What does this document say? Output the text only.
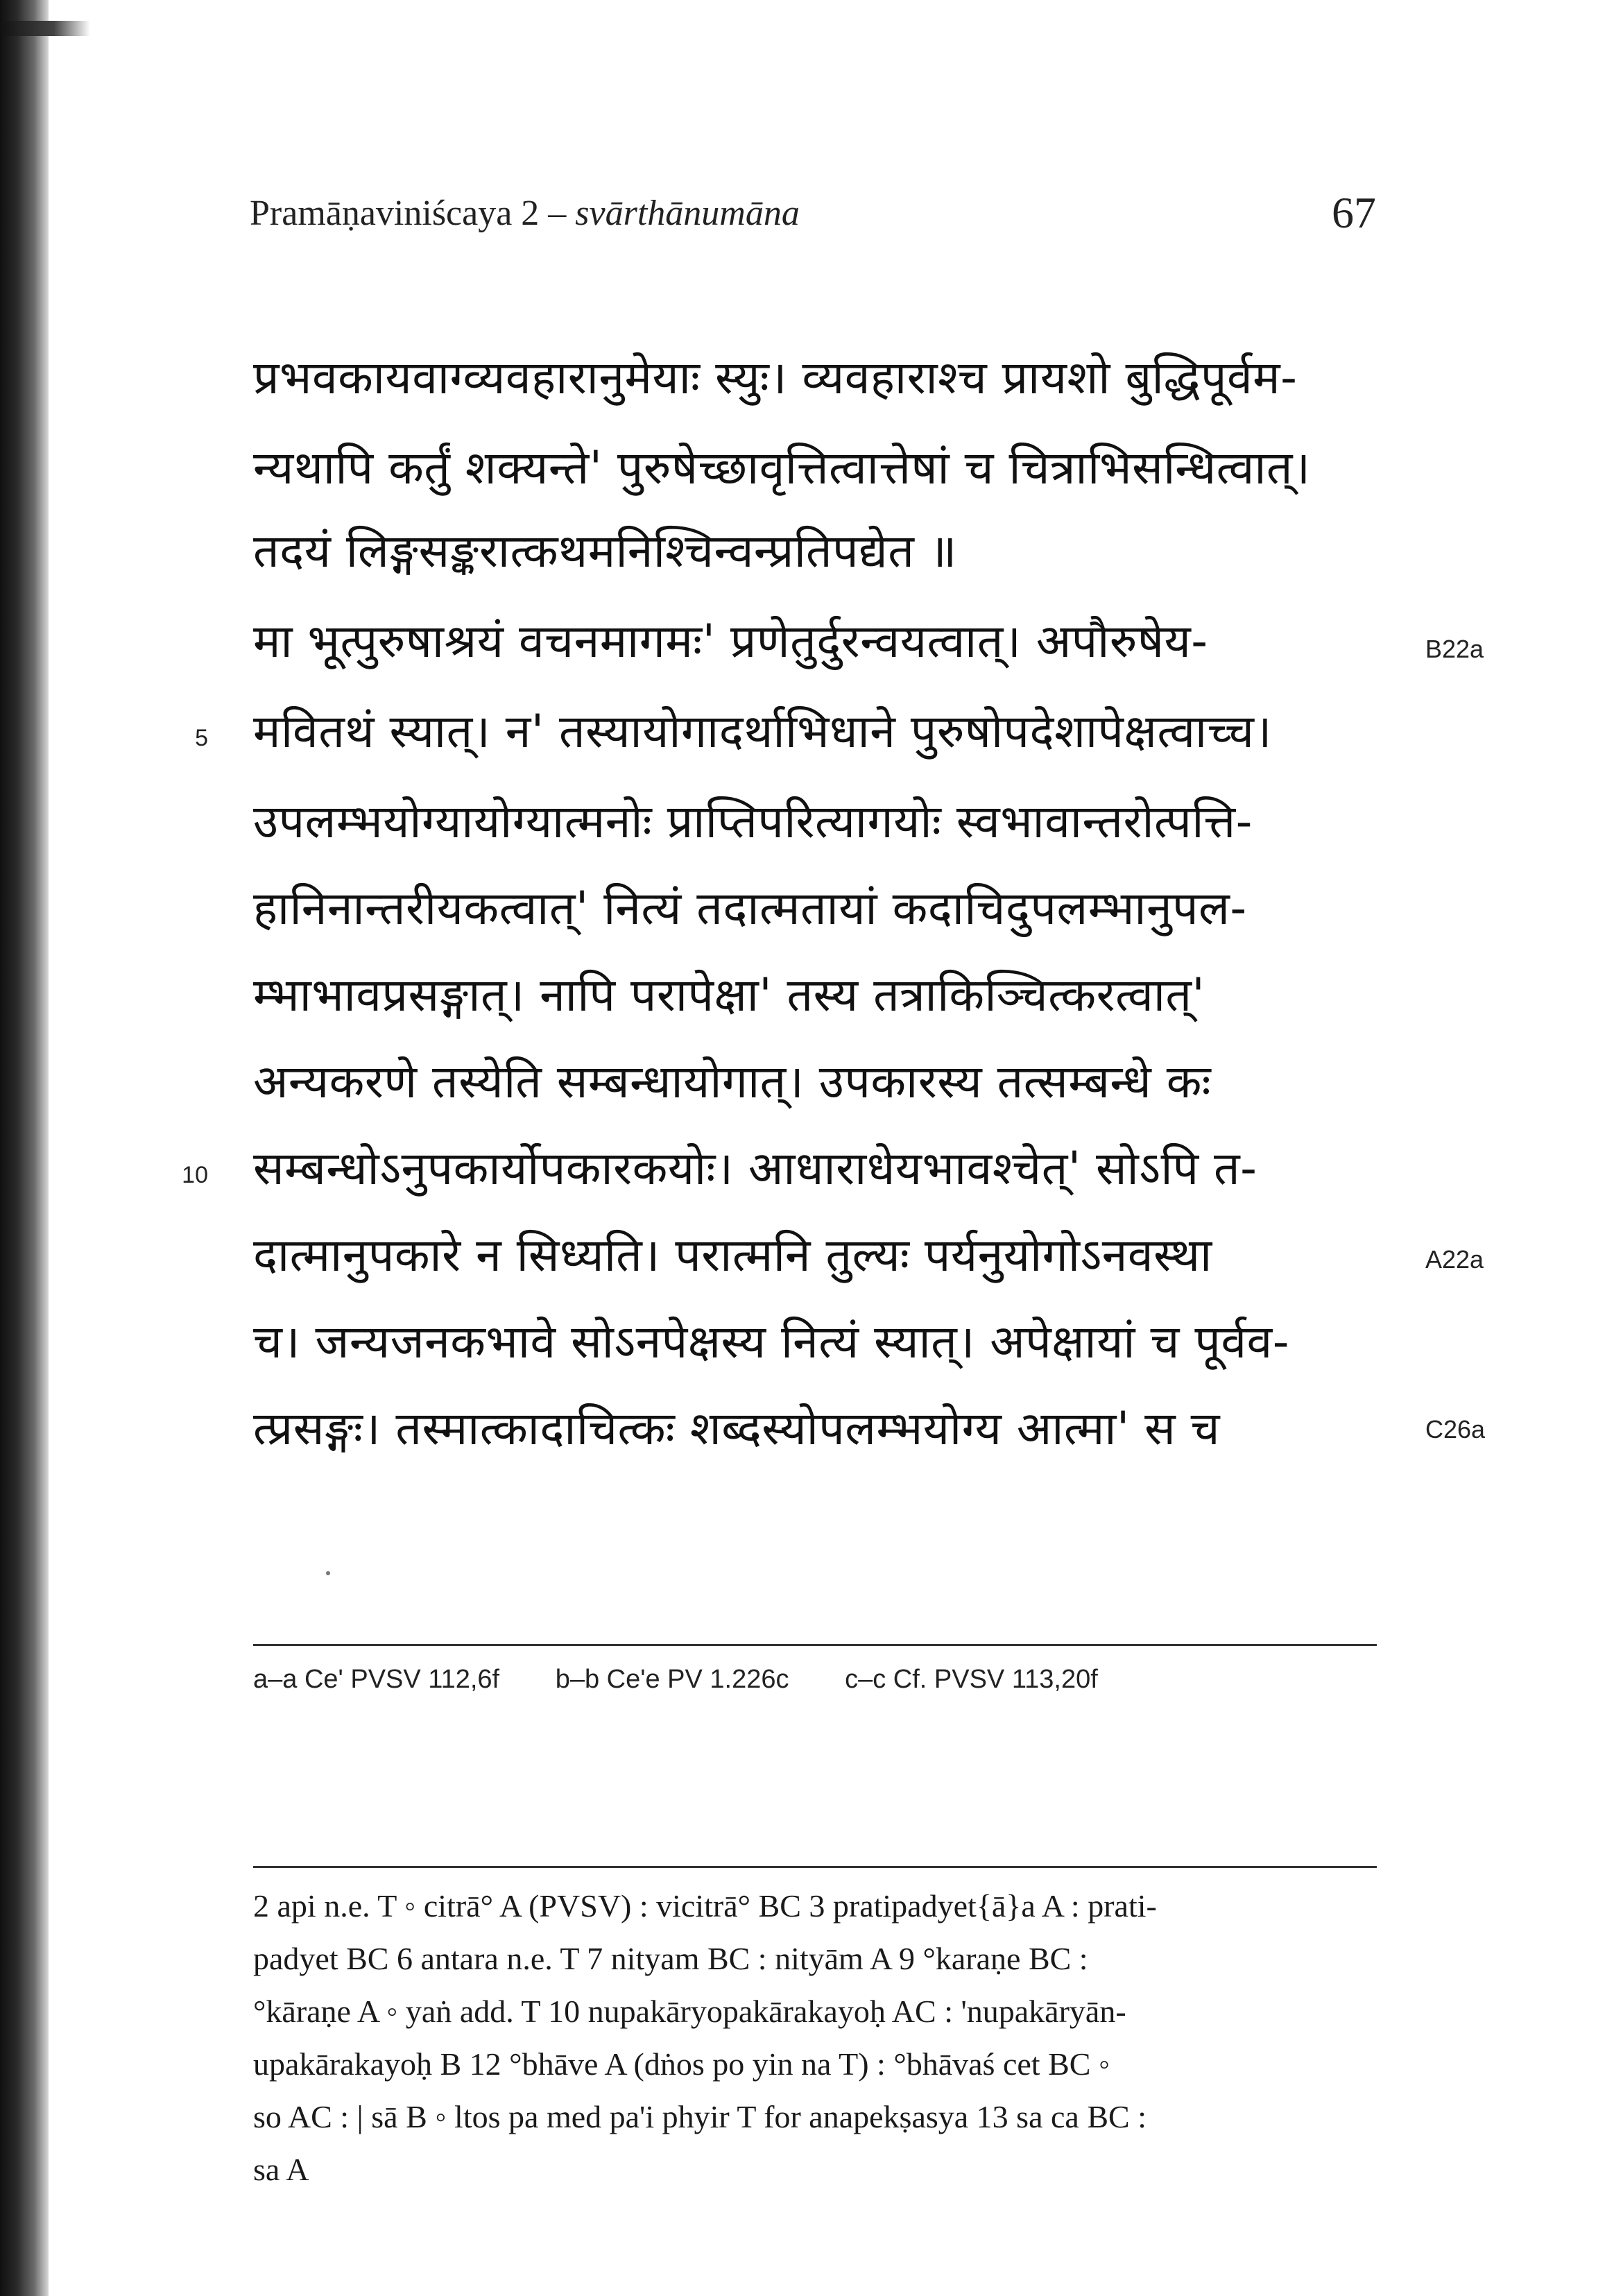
Pramāṇaviniścaya 2 – svārthānumāna	67
प्रभवकायवाग्व्यवहारानुमेयाः स्युः। व्यवहाराश्च प्रायशो बुद्धिपूर्वम-
न्यथापि कर्तुं शक्यन्ते' पुरुषेच्छावृत्तित्वात्तेषां च चित्राभिसन्धित्वात्।
तदयं लिङ्गसङ्करात्कथमनिश्चिन्वन्प्रतिपद्येत ॥
मा भूत्पुरुषाश्रयं वचनमागमः' प्रणेतुर्दुरन्वयत्वात्। अपौरुषेय-
मवितथं स्यात्। न' तस्यायोगादर्थाभिधाने पुरुषोपदेशापेक्षत्वाच्च।
उपलम्भयोग्यायोग्यात्मनोः प्राप्तिपरित्यागयोः स्वभावान्तरोत्पत्ति-
हानिनान्तरीयकत्वात्' नित्यं तदात्मतायां कदाचिदुपलम्भानुपल-
म्भाभावप्रसङ्गात्। नापि परापेक्षा' तस्य तत्राकिञ्चित्करत्वात्'
अन्यकरणे तस्येति सम्बन्धायोगात्। उपकारस्य तत्सम्बन्धे कः
सम्बन्धोऽनुपकार्योपकारकयोः। आधाराधेयभावश्चेत्' सोऽपि त-
दात्मानुपकारे न सिध्यति। परात्मनि तुल्यः पर्यनुयोगोऽनवस्था
च। जन्यजनकभावे सोऽनपेक्षस्य नित्यं स्यात्। अपेक्षायां च पूर्वव-
त्प्रसङ्गः। तस्मात्कादाचित्कः शब्दस्योपलम्भयोग्य आत्मा' स च
5
10
B22a
A22a
C26a
a–a Ce' PVSV 112,6f b–b Ce'e PV 1.226c c–c Cf. PVSV 113,20f
2 api n.e. T ◦ citrā° A (PVSV) : vicitrā° BC 3 pratipadyet{ā}a A : prati-
padyet BC 6 antara n.e. T 7 nityam BC : nityām A 9 °karaṇe BC :
°kāraṇe A ◦ yaṅ add. T 10 nupakāryopakārakayoḥ AC : 'nupakāryān-
upakārakayoḥ B 12 °bhāve A (dṅos po yin na T) : °bhāvaś cet BC ◦
so AC : | sā B ◦ ltos pa med pa'i phyir T for anapekṣasya 13 sa ca BC :
sa A
